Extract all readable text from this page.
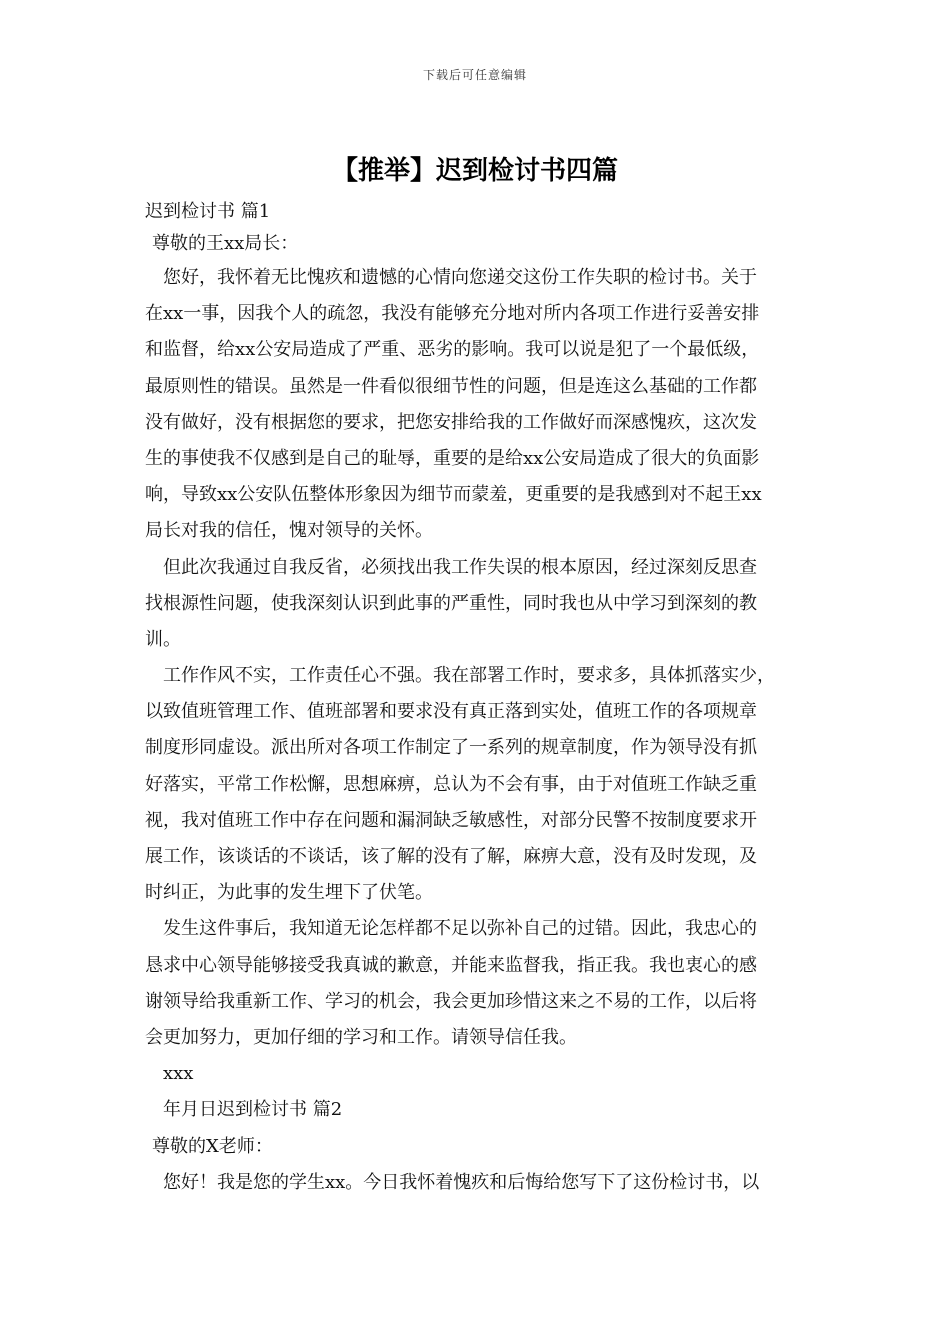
下载后可任意编辑
【推举】迟到检讨书四篇
迟到检讨书 篇1
尊敬的王xx局长：
您好，我怀着无比愧疚和遗憾的心情向您递交这份工作失职的检讨书。关于
在xx一事，因我个人的疏忽，我没有能够充分地对所内各项工作进行妥善安排
和监督，给xx公安局造成了严重、恶劣的影响。我可以说是犯了一个最低级，
最原则性的错误。虽然是一件看似很细节性的问题，但是连这么基础的工作都
没有做好，没有根据您的要求，把您安排给我的工作做好而深感愧疚，这次发
生的事使我不仅感到是自己的耻辱，重要的是给xx公安局造成了很大的负面影
响，导致xx公安队伍整体形象因为细节而蒙羞，更重要的是我感到对不起王xx
局长对我的信任，愧对领导的关怀。
但此次我通过自我反省，必须找出我工作失误的根本原因，经过深刻反思查
找根源性问题，使我深刻认识到此事的严重性，同时我也从中学习到深刻的教
训。
工作作风不实，工作责任心不强。我在部署工作时，要求多，具体抓落实少，
以致值班管理工作、值班部署和要求没有真正落到实处，值班工作的各项规章
制度形同虚设。派出所对各项工作制定了一系列的规章制度，作为领导没有抓
好落实，平常工作松懈，思想麻痹，总认为不会有事，由于对值班工作缺乏重
视，我对值班工作中存在问题和漏洞缺乏敏感性，对部分民警不按制度要求开
展工作，该谈话的不谈话，该了解的没有了解，麻痹大意，没有及时发现，及
时纠正，为此事的发生埋下了伏笔。
发生这件事后，我知道无论怎样都不足以弥补自己的过错。因此，我忠心的
恳求中心领导能够接受我真诚的歉意，并能来监督我，指正我。我也衷心的感
谢领导给我重新工作、学习的机会，我会更加珍惜这来之不易的工作，以后将
会更加努力，更加仔细的学习和工作。请领导信任我。
xxx
年月日迟到检讨书 篇2
尊敬的X老师：
您好！我是您的学生xx。今日我怀着愧疚和后悔给您写下了这份检讨书，以
